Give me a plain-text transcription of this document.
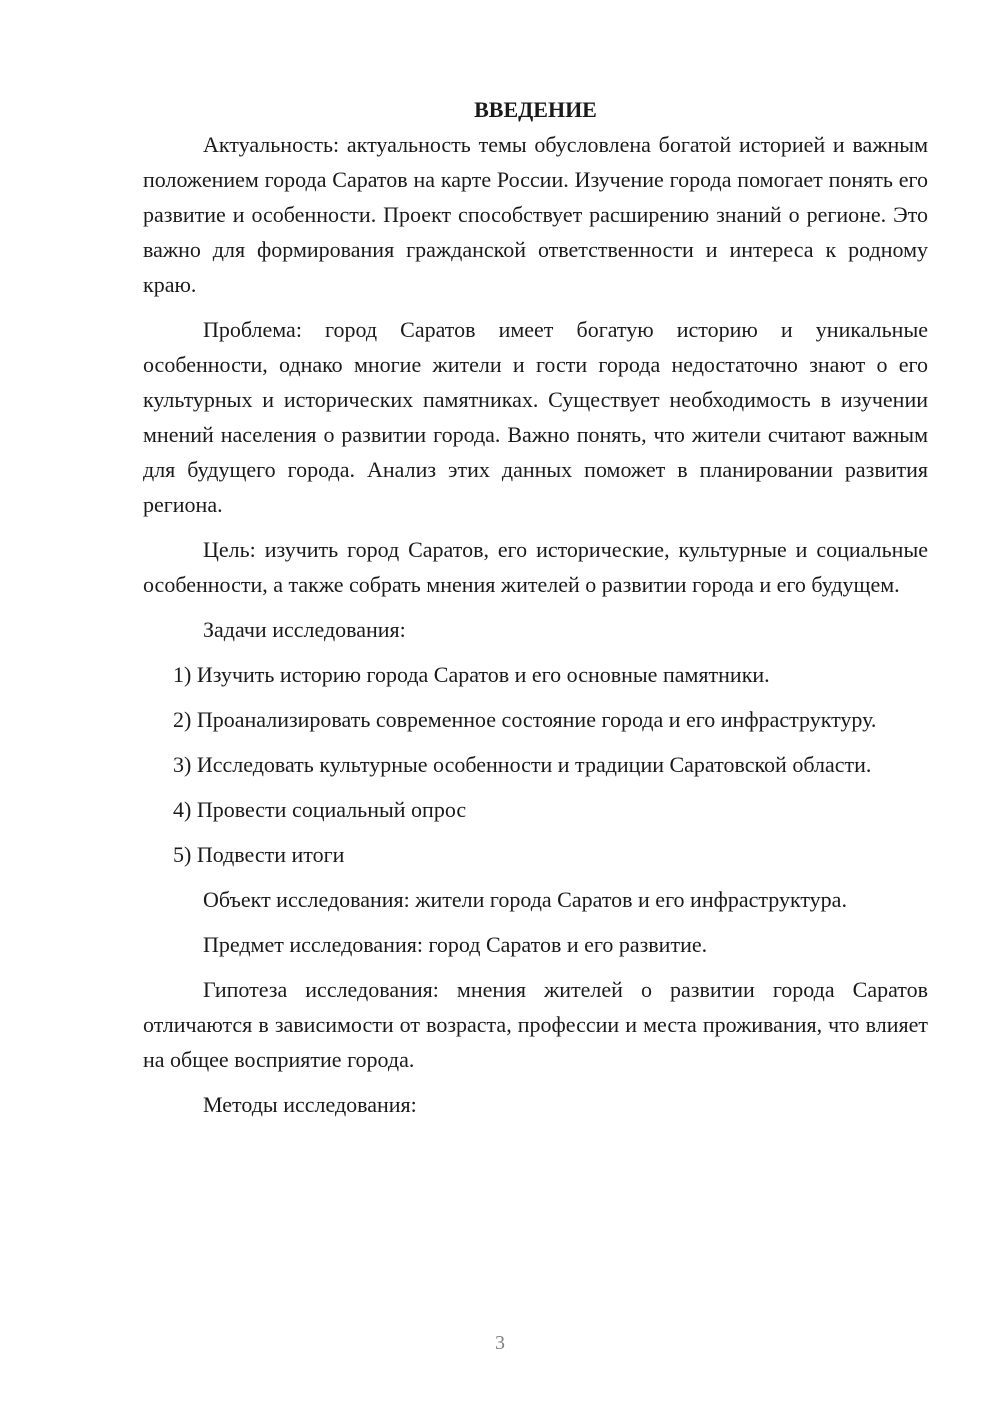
ВВЕДЕНИЕ

Актуальность: актуальность темы обусловлена богатой историей и важным положением города Саратов на карте России. Изучение города помогает понять его развитие и особенности. Проект способствует расширению знаний о регионе. Это важно для формирования гражданской ответственности и интереса к родному краю.

Проблема: город Саратов имеет богатую историю и уникальные особенности, однако многие жители и гости города недостаточно знают о его культурных и исторических памятниках. Существует необходимость в изучении мнений населения о развитии города. Важно понять, что жители считают важным для будущего города. Анализ этих данных поможет в планировании развития региона.

Цель: изучить город Саратов, его исторические, культурные и социальные особенности, а также собрать мнения жителей о развитии города и его будущем.

Задачи исследования:

1) Изучить историю города Саратов и его основные памятники.

2) Проанализировать современное состояние города и его инфраструктуру.

3) Исследовать культурные особенности и традиции Саратовской области.

4) Провести социальный опрос

5) Подвести итоги

Объект исследования: жители города Саратов и его инфраструктура.

Предмет исследования: город Саратов и его развитие.

Гипотеза исследования: мнения жителей о развитии города Саратов отличаются в зависимости от возраста, профессии и места проживания, что влияет на общее восприятие города.

Методы исследования:

3
